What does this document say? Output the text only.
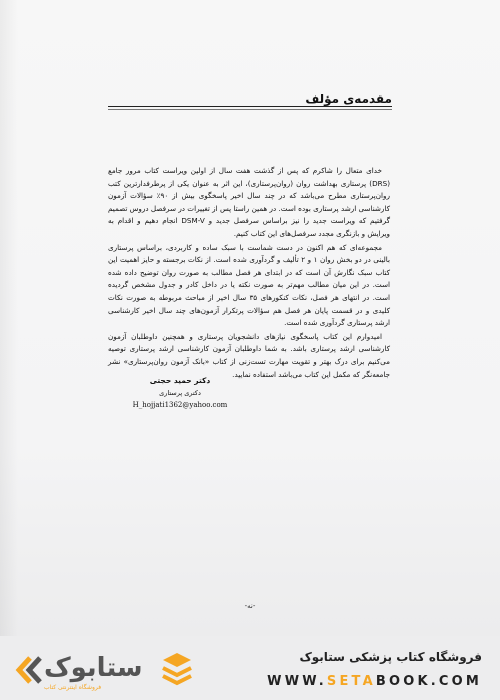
مقدمه‌ی مؤلف

خدای متعال را شاکرم که پس از گذشت هفت سال از اولین ویراست کتاب مرور جامع (DRS) پرستاری بهداشت روان (روان‌پرستاری)، این اثر به عنوان یکی از پرطرفدارترین کتب روان‌پرستاری مطرح می‌باشد که در چند سال اخیر پاسخگوی بیش از ۹۰٪ سؤالات آزمون کارشناسی ارشد پرستاری بوده است. در همین راستا پس از تغییرات در سرفصل دروس تصمیم گرفتیم که ویراست جدید را نیز براساس سرفصل جدید و DSM-V انجام دهیم و اقدام به ویرایش و بازنگری مجدد سرفصل‌های این کتاب کنیم.

مجموعه‌ای که هم اکنون در دست شماست با سبک ساده و کاربردی، براساس پرستاری بالینی در دو بخش روان ۱ و ۲ تألیف و گردآوری شده است. از نکات برجسته و حایز اهمیت این کتاب سبک نگارش آن است که در ابتدای هر فصل مطالب به صورت روان توضیح داده شده است. در این میان مطالب مهم‌تر به صورت نکته یا در داخل کادر و جدول مشخص گردیده است. در انتهای هر فصل، نکات کنکورهای ۳۵ سال اخیر از مباحث مربوطه به صورت نکات کلیدی و در قسمت پایان هر فصل هم سؤالات پرتکرار آزمون‌های چند سال اخیر کارشناسی ارشد پرستاری گردآوری شده است.

امیدوارم این کتاب پاسخگوی نیازهای دانشجویان پرستاری و همچنین داوطلبان آزمون کارشناسی ارشد پرستاری باشد. به شما داوطلبان آزمون کارشناسی ارشد پرستاری توصیه می‌کنیم برای درک بهتر و تقویت مهارت تست‌زنی از کتاب «بانک آزمون روان‌پرستاری» نشر جامعه‌نگر که مکمل این کتاب می‌باشد استفاده نمایید.

دکتر حمید حجتی
دکتری پرستاری
H_hojjati1362@yahoo.com
-نه-
ستابوک
فروشگاه اینترنتی کتاب
فروشگاه کتاب پزشکی ستابوک
WWW.SETABOOK.COM
